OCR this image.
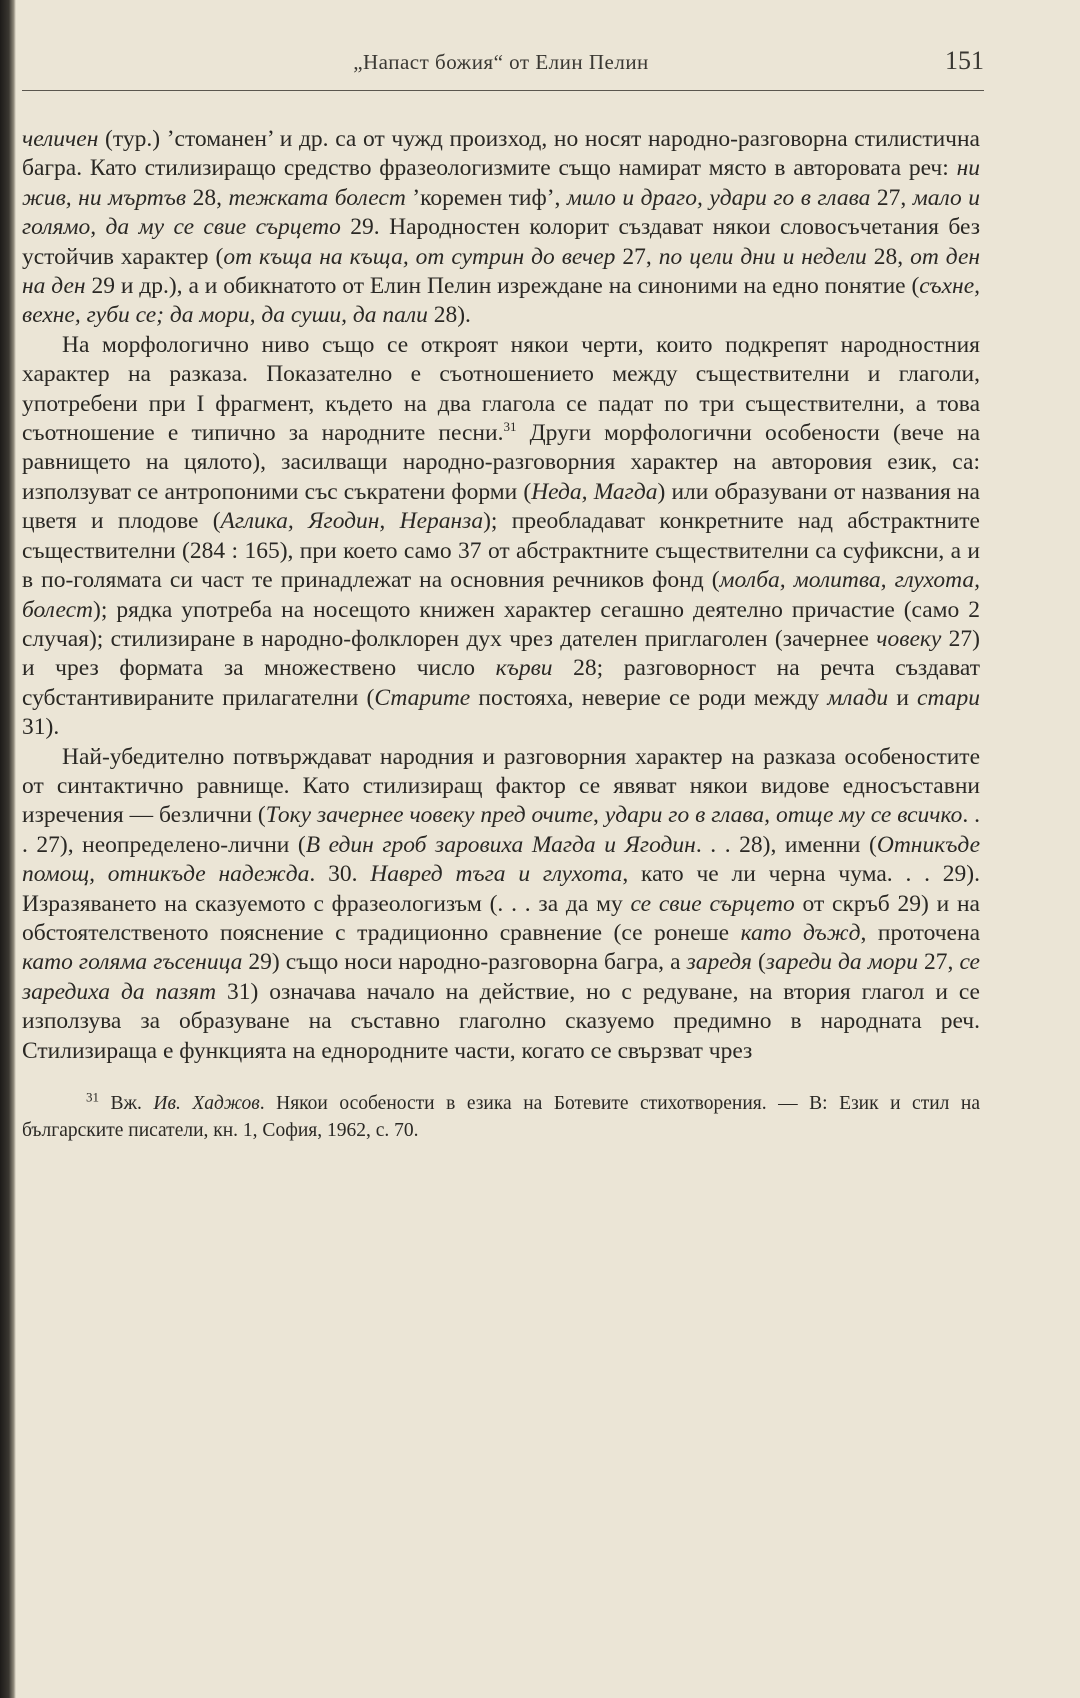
„Напаст божия“ от Елин Пелин	151

челичен (тур.) ’стоманен’ и др. са от чужд произход, но носят народно-разговорна стилистична багра. Като стилизиращо средство фразеологизмите също намират място в авторовата реч: ни жив, ни мъртъв 28, тежката болест ’коремен тиф’, мило и драго, удари го в глава 27, мало и голямо, да му се свие сърцето 29. Народностен колорит създават някои словосъчетания без устойчив характер (от къща на къща, от сутрин до вечер 27, по цели дни и недели 28, от ден на ден 29 и др.), а и обикнатото от Елин Пелин изреждане на синоними на едно понятие (съхне, вехне, губи се; да мори, да суши, да пали 28).

На морфологично ниво също се откроят някои черти, които подкрепят народностния характер на разказа. Показателно е съотношението между съществителни и глаголи, употребени при I фрагмент, където на два глагола се падат по три съществителни, а това съотношение е типично за народните песни.$^{31}$ Други морфологични особености (вече на равнището на цялото), засилващи народно-разговорния характер на авторовия език, са: използуват се антропоними със съкратени форми (Неда, Магда) или образувани от названия на цветя и плодове (Аглика, Ягодин, Неранза); преобладават конкретните над абстрактните съществителни (284 : 165), при което само 37 от абстрактните съществителни са суфиксни, а и в по-голямата си част те принадлежат на основния речников фонд (молба, молитва, глухота, болест); рядка употреба на носещото книжен характер сегашно деятелно причастие (само 2 случая); стилизиране в народно-фолклорен дух чрез дателен приглаголен (зачернее човеку 27) и чрез формата за множествено число кърви 28; разговорност на речта създават субстантивираните прилагателни (Старите постояха, неверие се роди между млади и стари 31).

Най-убедително потвърждават народния и разговорния характер на разказа особеностите от синтактично равнище. Като стилизиращ фактор се явяват някои видове едносъставни изречения — безлични (Току зачернее човеку пред очите, удари го в глава, отще му се всичко. . . 27), неопределено-лични (В един гроб заровиха Магда и Ягодин. . . 28), именни (Отникъде помощ, отникъде надежда. 30. Навред тъга и глухота, като че ли черна чума. . . 29). Изразяването на сказуемото с фразеологизъм (. . . за да му се свие сърцето от скръб 29) и на обстоятелственото пояснение с традиционно сравнение (се ронеше като дъжд, проточена като голяма гъсеница 29) също носи народно-разговорна багра, а зaредя (зареди да мори 27, се зaредиха да пазят 31) означава начало на действие, но с редуване, на втория глагол и се използува за образуване на съставно глаголно сказуемо предимно в народната реч. Стилизираща е функцията на еднородните части, когато се свързват чрез

$^{31}$ Вж. Ив. Хаджов. Някои особености в езика на Ботевите стихотворения. — В: Език и стил на българските писатели, кн. 1, София, 1962, с. 70.
